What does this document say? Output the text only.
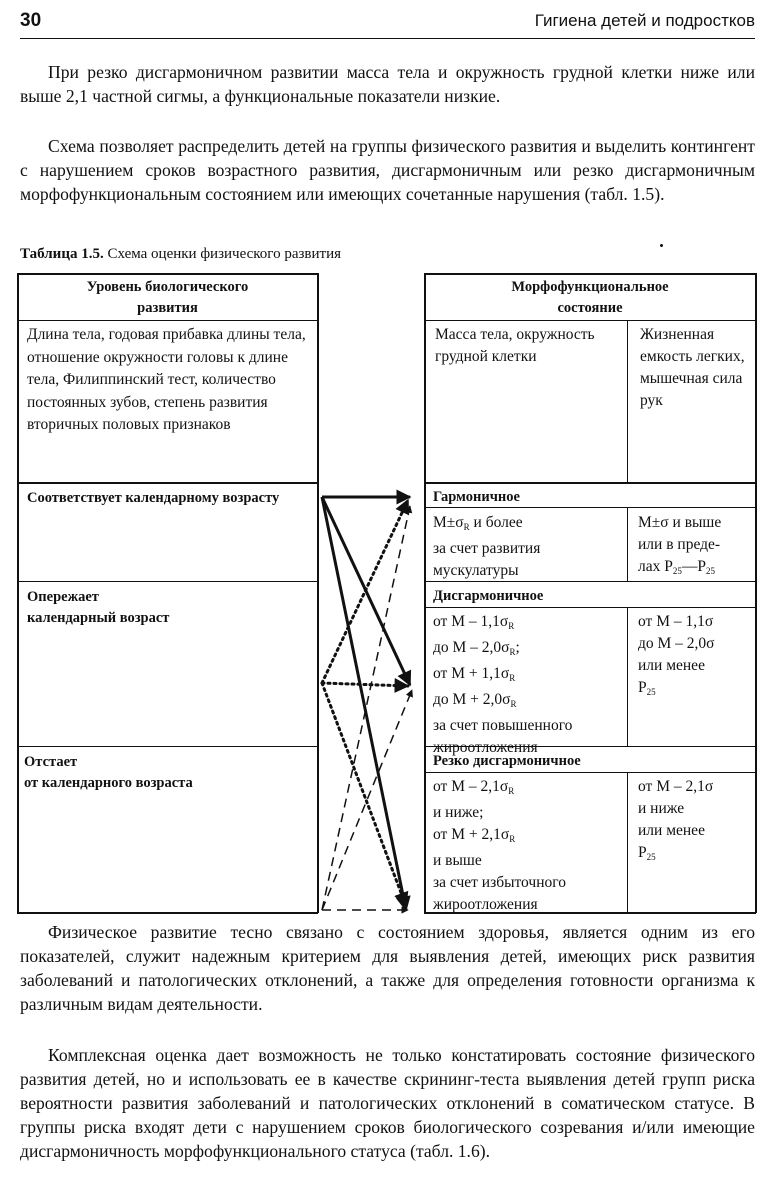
30	Гигиена детей и подростков

При резко дисгармоничном развитии масса тела и окружность грудной клетки ниже или выше 2,1 частной сигмы, а функциональные показатели низкие.

Схема позволяет распределить детей на группы физического развития и выделить контингент с нарушением сроков возрастного развития, дисгармоничным или резко дисгармоничным морфофункциональным состоянием или имеющих сочетанные нарушения (табл. 1.5).

Таблица 1.5. Схема оценки физического развития
Уровень биологического
развития
Длина тела, годовая прибавка длины тела, отношение окружности головы к длине тела, Филиппинский тест, количество постоянных зубов, степень развития вторичных половых признаков
Соответствует календарному возрасту
Опережает
календарный возраст
Отстает
от календарного возраста
Морфофункциональное
состояние
Масса тела, окружность грудной клетки
Жизненная емкость легких, мышечная сила рук
Гармоничное
$M\pm\sigma_R$ и более
за счет развития
мускулатуры
M±σ и выше
или в преде-
лах $P_{25}—P_{25}$
Дисгармоничное
от M – $1,1\sigma_R$
до M – $2,0\sigma_R$;
от $M + 1,1\sigma_R$
до $M + 2,0\sigma_R$
за счет повышенного
жироотложения
от M – 1,1σ
до M – 2,0σ
или менее
$P_{25}$
Резко дисгармоничное
от M – $2,1\sigma_R$
и ниже;
от $M + 2,1\sigma_R$
и выше
за счет избыточного
жироотложения
от M – 2,1σ
и ниже
или менее
$P_{25}$

Физическое развитие тесно связано с состоянием здоровья, является одним из его показателей, служит надежным критерием для выявления детей, имеющих риск развития заболеваний и патологических отклонений, а также для определения готовности организма к различным видам деятельности.

Комплексная оценка дает возможность не только констатировать состояние физического развития детей, но и использовать ее в качестве скрининг-теста выявления детей групп риска вероятности развития заболеваний и патологических отклонений в соматическом статусе. В группы риска входят дети с нарушением сроков биологического созревания и/или имеющие дисгармоничность морфофункционального статуса (табл. 1.6).
